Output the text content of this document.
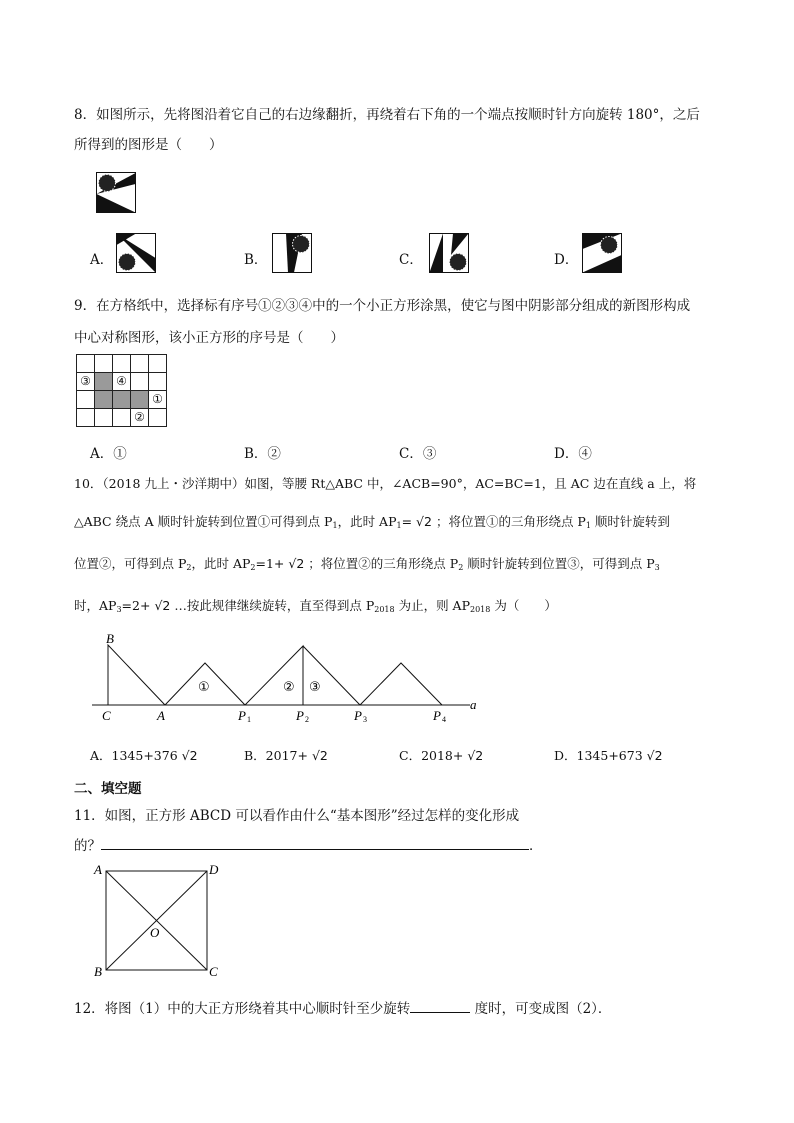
8．如图所示，先将图沿着它自己的右边缘翻折，再绕着右下角的一个端点按顺时针方向旋转 180°，之后
所得到的图形是（　　）
A．	B．	C．	D．
9．在方格纸中，选择标有序号①②③④中的一个小正方形涂黑，使它与图中阴影部分组成的新图形构成
中心对称图形，该小正方形的序号是（　　）

③		④		
				①
			②	
A．①	B．②	C．③	D．④
10．（2018 九上・沙洋期中）如图，等腰 Rt△ABC 中，∠ACB=90°，AC=BC=1，且 AC 边在直线 a 上，将
△ABC 绕点 A 顺时针旋转到位置①可得到点 $P_1$，此时 $AP_1= √2$ ；将位置①的三角形绕点 $P_1$ 顺时针旋转到
位置②，可得到点 $P_2$，此时 $AP_2=1+ √2$ ；将位置②的三角形绕点 $P_2$ 顺时针旋转到位置③，可得到点 $P_3$
时，$AP_3=2+ √2$ …按此规律继续旋转，直至得到点 $P_{2018}$ 为止，则 $AP_{2018}$ 为（　　）
B
C	A	P 1	P 2	P 3	P 4
a
①	② ③
A．1345+376 √2	B．2017+ √2	C．2018+ √2	D．1345+673 √2
二、填空题
11．如图，正方形 ABCD 可以看作由什么“基本图形”经过怎样的变化形成
的？	．
A	D
B	C
O
12．将图（1）中的大正方形绕着其中心顺时针至少旋转	度时，可变成图（2）．
